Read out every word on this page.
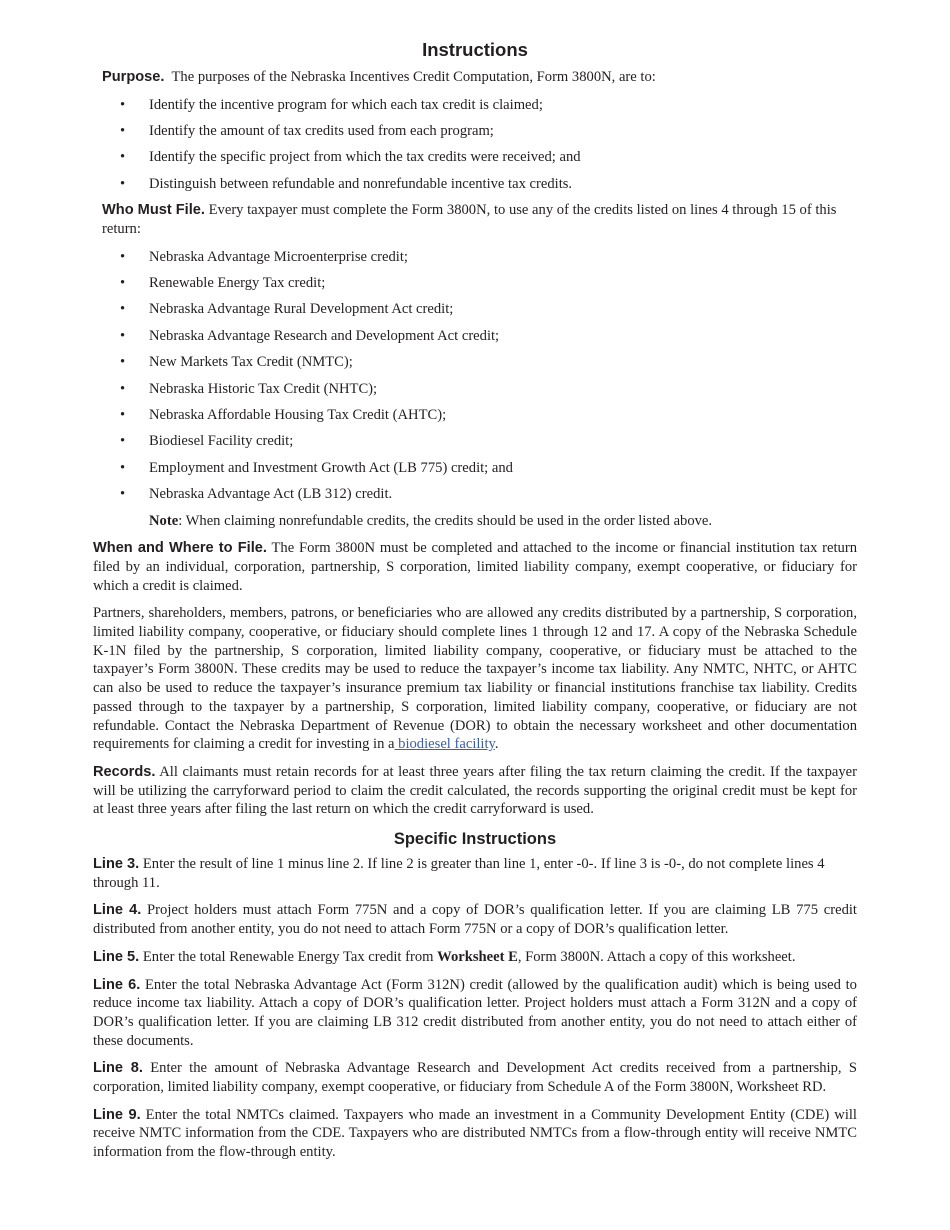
Instructions

Purpose. The purposes of the Nebraska Incentives Credit Computation, Form 3800N, are to:

• Identify the incentive program for which each tax credit is claimed;
• Identify the amount of tax credits used from each program;
• Identify the specific project from which the tax credits were received; and
• Distinguish between refundable and nonrefundable incentive tax credits.

Who Must File. Every taxpayer must complete the Form 3800N, to use any of the credits listed on lines 4 through 15 of this return:

• Nebraska Advantage Microenterprise credit;
• Renewable Energy Tax credit;
• Nebraska Advantage Rural Development Act credit;
• Nebraska Advantage Research and Development Act credit;
• New Markets Tax Credit (NMTC);
• Nebraska Historic Tax Credit (NHTC);
• Nebraska Affordable Housing Tax Credit (AHTC);
• Biodiesel Facility credit;
• Employment and Investment Growth Act (LB 775) credit; and
• Nebraska Advantage Act (LB 312) credit.

Note: When claiming nonrefundable credits, the credits should be used in the order listed above.

When and Where to File. The Form 3800N must be completed and attached to the income or financial institution tax return filed by an individual, corporation, partnership, S corporation, limited liability company, exempt cooperative, or fiduciary for which a credit is claimed.

Partners, shareholders, members, patrons, or beneficiaries who are allowed any credits distributed by a partnership, S corporation, limited liability company, cooperative, or fiduciary should complete lines 1 through 12 and 17. A copy of the Nebraska Schedule K-1N filed by the partnership, S corporation, limited liability company, cooperative, or fiduciary must be attached to the taxpayer’s Form 3800N. These credits may be used to reduce the taxpayer’s income tax liability. Any NMTC, NHTC, or AHTC can also be used to reduce the taxpayer’s insurance premium tax liability or financial institutions franchise tax liability. Credits passed through to the taxpayer by a partnership, S corporation, limited liability company, cooperative, or fiduciary are not refundable. Contact the Nebraska Department of Revenue (DOR) to obtain the necessary worksheet and other documentation requirements for claiming a credit for investing in a biodiesel facility.

Records. All claimants must retain records for at least three years after filing the tax return claiming the credit. If the taxpayer will be utilizing the carryforward period to claim the credit calculated, the records supporting the original credit must be kept for at least three years after filing the last return on which the credit carryforward is used.

Specific Instructions

Line 3. Enter the result of line 1 minus line 2. If line 2 is greater than line 1, enter -0-. If line 3 is -0-, do not complete lines 4 through 11.

Line 4. Project holders must attach Form 775N and a copy of DOR’s qualification letter. If you are claiming LB 775 credit distributed from another entity, you do not need to attach Form 775N or a copy of DOR’s qualification letter.

Line 5. Enter the total Renewable Energy Tax credit from Worksheet E, Form 3800N. Attach a copy of this worksheet.

Line 6. Enter the total Nebraska Advantage Act (Form 312N) credit (allowed by the qualification audit) which is being used to reduce income tax liability. Attach a copy of DOR’s qualification letter. Project holders must attach a Form 312N and a copy of DOR’s qualification letter. If you are claiming LB 312 credit distributed from another entity, you do not need to attach either of these documents.

Line 8. Enter the amount of Nebraska Advantage Research and Development Act credits received from a partnership, S corporation, limited liability company, exempt cooperative, or fiduciary from Schedule A of the Form 3800N, Worksheet RD.

Line 9. Enter the total NMTCs claimed. Taxpayers who made an investment in a Community Development Entity (CDE) will receive NMTC information from the CDE. Taxpayers who are distributed NMTCs from a flow-through entity will receive NMTC information from the flow-through entity.
